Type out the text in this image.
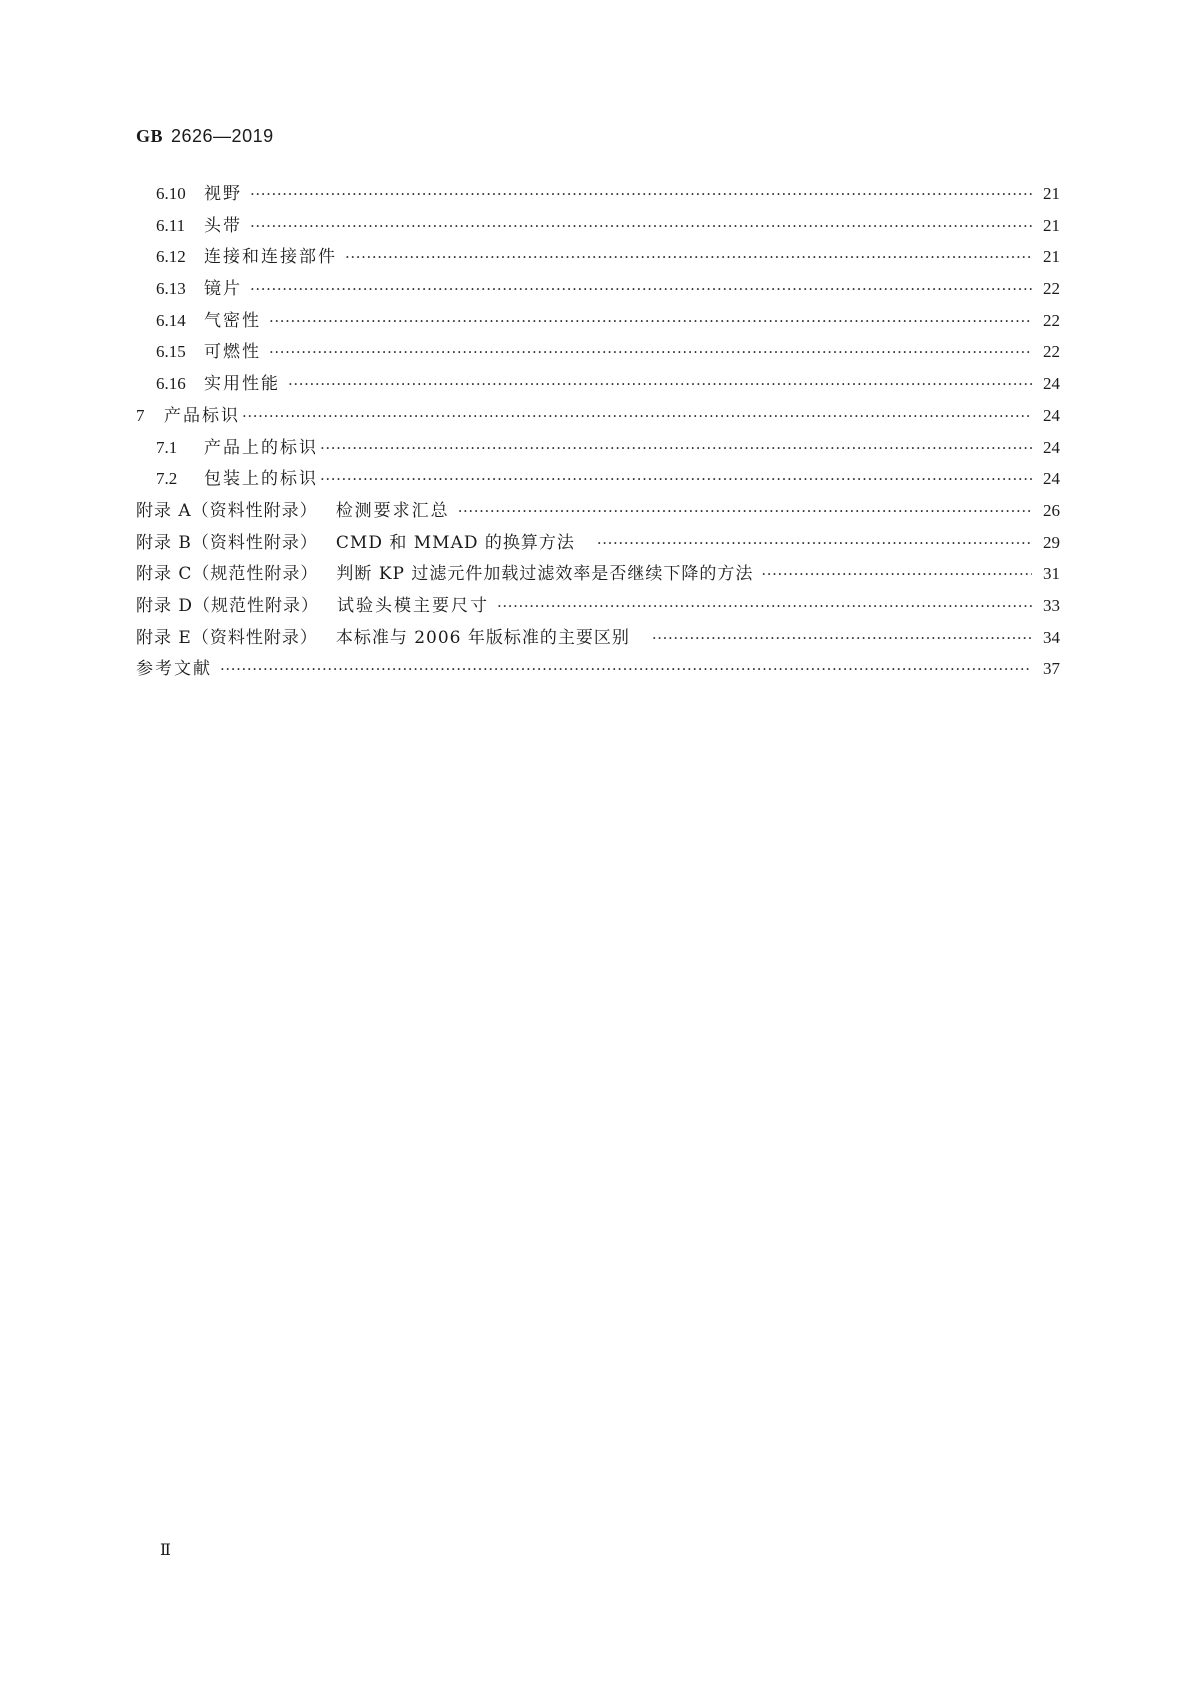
GB 2626—2019
6.10	视野 ·····	21
6.11	头带 ·····	21
6.12	连接和连接部件 ·····	21
6.13	镜片 ·····	22
6.14	气密性 ·····	22
6.15	可燃性 ·····	22
6.16	实用性能 ·····	24
7	产品标识 ·····	24
7.1	产品上的标识 ·····	24
7.2	包装上的标识 ·····	24
附录 A（资料性附录） 检测要求汇总 ·····	26
附录 B（资料性附录） CMD 和 MMAD 的换算方法 ·····	29
附录 C（规范性附录） 判断 KP 过滤元件加载过滤效率是否继续下降的方法 ·····	31
附录 D（规范性附录） 试验头模主要尺寸 ·····	33
附录 E（资料性附录） 本标准与 2006 年版标准的主要区别 ·····	34
参考文献 ·····	37
Ⅱ
